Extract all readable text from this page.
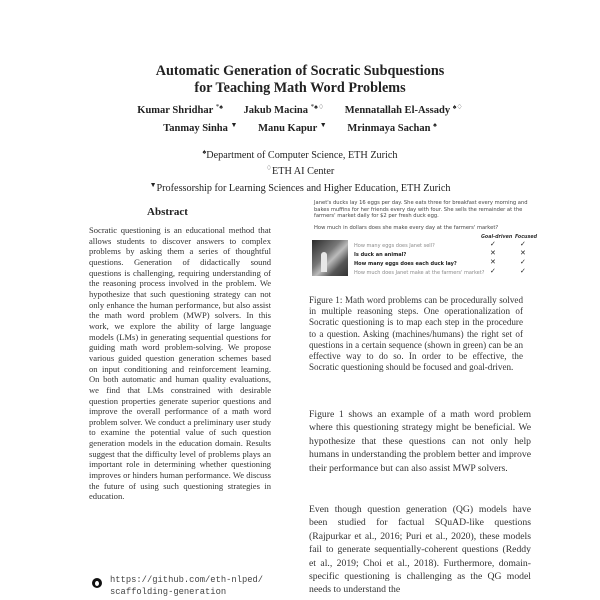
Automatic Generation of Socratic Subquestions
for Teaching Math Word Problems
Kumar Shridhar *♠ Jakub Macina *♠♢ Mennatallah El-Assady ♠♢
Tanmay Sinha ▼ Manu Kapur ▼ Mrinmaya Sachan ♠
♠Department of Computer Science, ETH Zurich
♢ETH AI Center
▼Professorship for Learning Sciences and Higher Education, ETH Zurich
Abstract
Socratic questioning is an educational method that allows students to discover answers to complex problems by asking them a series of thoughtful questions. Generation of didactically sound questions is challenging, requiring understanding of the reasoning process involved in the problem. We hypothesize that such questioning strategy can not only enhance the human performance, but also assist the math word problem (MWP) solvers. In this work, we explore the ability of large language models (LMs) in generating sequential questions for guiding math word problem-solving. We propose various guided question generation schemes based on input conditioning and reinforcement learning. On both automatic and human quality evaluations, we find that LMs constrained with desirable question properties generate superior questions and improve the overall performance of a math word problem solver. We conduct a preliminary user study to examine the potential value of such question generation models in the education domain. Results suggest that the difficulty level of problems plays an important role in determining whether questioning improves or hinders human performance. We discuss the future of using such questioning strategies in education.
https://github.com/eth-nlped/
scaffolding-generation
Janet's ducks lay 16 eggs per day. She eats three for breakfast every morning and bakes muffins for her friends every day with four. She sells the remainder at the farmers' market daily for $2 per fresh duck egg.
How much in dollars does she make every day at the farmers' market?
Goal-driven Focused
How many eggs does Janet sell?	✓	✓
Is duck an animal?	✕	✕
How many eggs does each duck lay?	✕	✓
How much does Janet make at the farmers' market? ✓	✓
Figure 1: Math word problems can be procedurally solved in multiple reasoning steps. One operationalization of Socratic questioning is to map each step in the procedure to a question. Asking (machines/humans) the right set of questions in a certain sequence (shown in green) can be an effective way to do so. In order to be effective, the Socratic questioning should be focused and goal-driven.
Figure 1 shows an example of a math word problem where this questioning strategy might be beneficial. We hypothesize that these questions can not only help humans in understanding the problem better and improve their performance but can also assist MWP solvers.
Even though question generation (QG) models have been studied for factual SQuAD-like questions (Rajpurkar et al., 2016; Puri et al., 2020), these models fail to generate sequentially-coherent questions (Reddy et al., 2019; Choi et al., 2018). Furthermore, domain-specific questioning is challenging as the QG model needs to understand the
